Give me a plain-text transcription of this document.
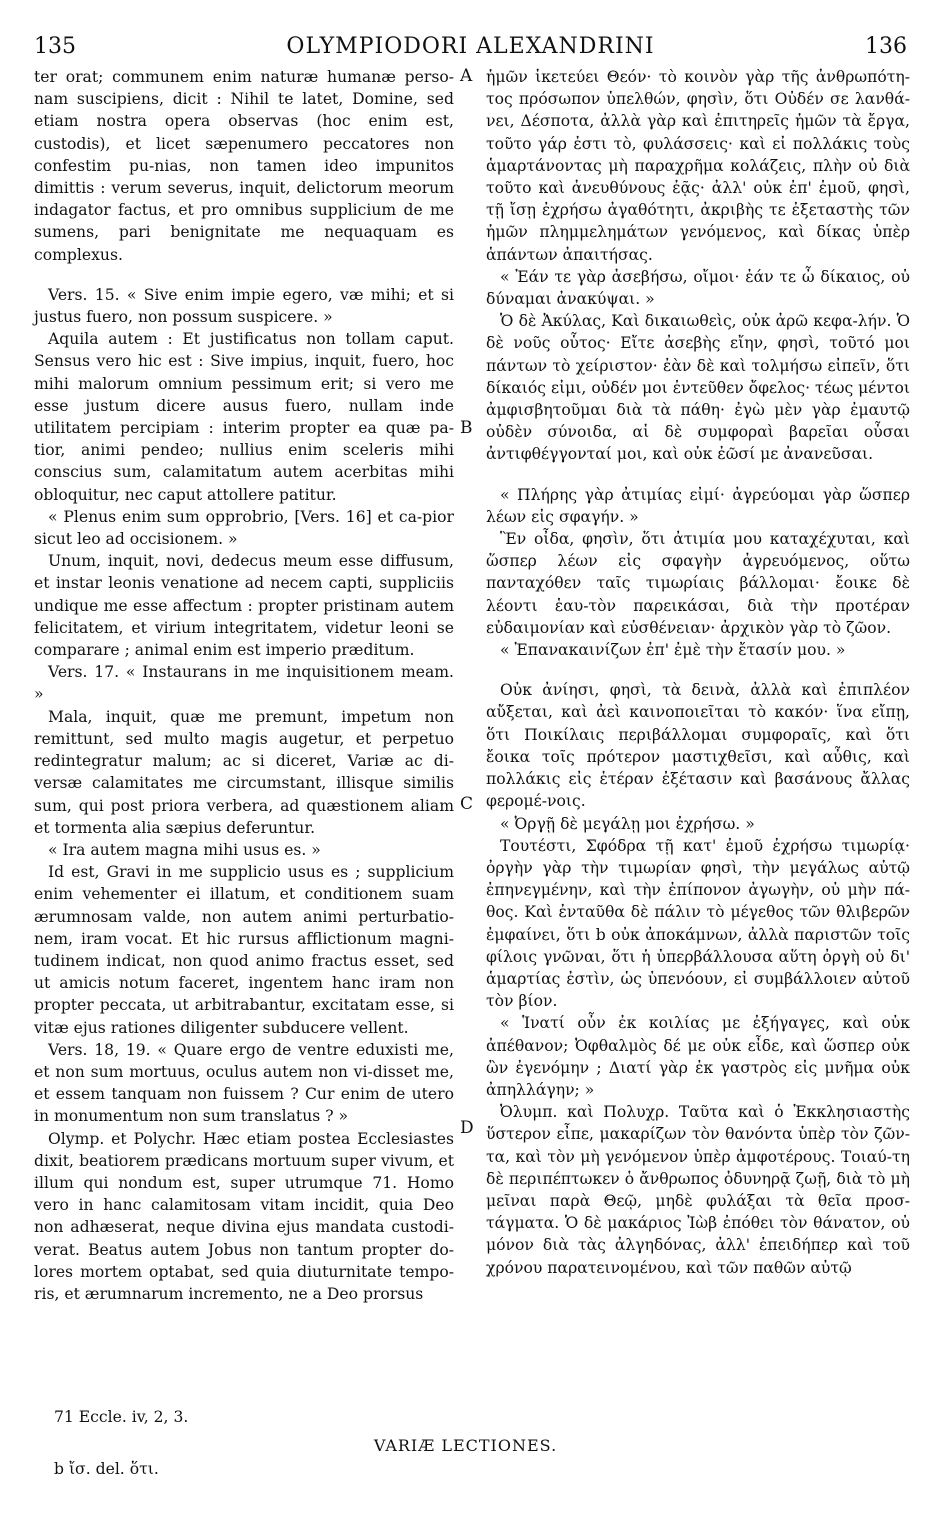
135	OLYMPIODORI ALEXANDRINI	136

ter orat; communem enim naturæ humanæ perso-nam suscipiens, dicit : Nihil te latet, Domine, sed etiam nostra opera observas (hoc enim est, custodis), et licet sæpenumero peccatores non confestim pu-nias, non tamen ideo impunitos dimittis : verum severus, inquit, delictorum meorum indagator factus, et pro omnibus supplicium de me sumens, pari benignitate me nequaquam es complexus.

Vers. 15. « Sive enim impie egero, væ mihi; et si justus fuero, non possum suspicere. »

Aquila autem : Et justificatus non tollam caput. Sensus vero hic est : Sive impius, inquit, fuero, hoc mihi malorum omnium pessimum erit; si vero me esse justum dicere ausus fuero, nullam inde utilitatem percipiam : interim propter ea quæ pa-tior, animi pendeo; nullius enim sceleris mihi conscius sum, calamitatum autem acerbitas mihi obloquitur, nec caput attollere patitur.

« Plenus enim sum opprobrio, [Vers. 16] et ca-pior sicut leo ad occisionem. »

Unum, inquit, novi, dedecus meum esse diffusum, et instar leonis venatione ad necem capti, suppliciis undique me esse affectum : propter pristinam autem felicitatem, et virium integritatem, videtur leoni se comparare ; animal enim est imperio præditum.

Vers. 17. « Instaurans in me inquisitionem meam. »

Mala, inquit, quæ me premunt, impetum non remittunt, sed multo magis augetur, et perpetuo redintegratur malum; ac si diceret, Variæ ac di-versæ calamitates me circumstant, illisque similis sum, qui post priora verbera, ad quæstionem aliam et tormenta alia sæpius deferuntur.

« Ira autem magna mihi usus es. »

Id est, Gravi in me supplicio usus es ; supplicium enim vehementer ei illatum, et conditionem suam ærumnosam valde, non autem animi perturbatio-nem, iram vocat. Et hic rursus afflictionum magni-tudinem indicat, non quod animo fractus esset, sed ut amicis notum faceret, ingentem hanc iram non propter peccata, ut arbitrabantur, excitatam esse, si vitæ ejus rationes diligenter subducere vellent.

Vers. 18, 19. « Quare ergo de ventre eduxisti me, et non sum mortuus, oculus autem non vi-disset me, et essem tanquam non fuissem ? Cur enim de utero in monumentum non sum translatus ? »

Olymp. et Polychr. Hæc etiam postea Ecclesiastes dixit, beatiorem prædicans mortuum super vivum, et illum qui nondum est, super utrumque 71. Homo vero in hanc calamitosam vitam incidit, quia Deo non adhæserat, neque divina ejus mandata custodi-verat. Beatus autem Jobus non tantum propter do-lores mortem optabat, sed quia diuturnitate tempo-ris, et ærumnarum incremento, ne a Deo prorsus

A
B
C
D

ἡμῶν ἱκετεύει Θεόν· τὸ κοινὸν γὰρ τῆς ἀνθρωπότη-τος πρόσωπον ὑπελθών, φησὶν, ὅτι Οὐδέν σε λανθά-νει, Δέσποτα, ἀλλὰ γὰρ καὶ ἐπιτηρεῖς ἡμῶν τὰ ἔργα, τοῦτο γάρ ἐστι τὸ, φυλάσσεις· καὶ εἰ πολλάκις τοὺς ἁμαρτάνοντας μὴ παραχρῆμα κολάζεις, πλὴν οὐ διὰ τοῦτο καὶ ἀνευθύνους ἐᾷς· ἀλλ' οὐκ ἐπ' ἐμοῦ, φησὶ, τῇ ἴσῃ ἐχρήσω ἀγαθότητι, ἀκριβὴς τε ἐξεταστὴς τῶν ἡμῶν πλημμελημάτων γενόμενος, καὶ δίκας ὑπὲρ ἁπάντων ἀπαιτήσας.

« Ἐάν τε γὰρ ἀσεβήσω, οἴμοι· ἐάν τε ὦ δίκαιος, οὐ δύναμαι ἀνακύψαι. »

Ὁ δὲ Ἀκύλας, Καὶ δικαιωθεὶς, οὐκ ἀρῶ κεφα-λήν. Ὁ δὲ νοῦς οὗτος· Εἴτε ἀσεβὴς εἴην, φησὶ, τοῦτό μοι πάντων τὸ χείριστον· ἐὰν δὲ καὶ τολμήσω εἰπεῖν, ὅτι δίκαιός εἰμι, οὐδέν μοι ἐντεῦθεν ὄφελος· τέως μέντοι ἀμφισβητοῦμαι διὰ τὰ πάθη· ἐγὼ μὲν γὰρ ἐμαυτῷ οὐδὲν σύνοιδα, αἱ δὲ συμφοραὶ βαρεῖαι οὖσαι ἀντιφθέγγονταί μοι, καὶ οὐκ ἐῶσί με ἀνανεῦσαι.

« Πλήρης γὰρ ἀτιμίας εἰμί· ἀγρεύομαι γὰρ ὥσπερ λέων εἰς σφαγήν. »

Ἓν οἶδα, φησὶν, ὅτι ἀτιμία μου καταχέχυται, καὶ ὥσπερ λέων εἰς σφαγὴν ἀγρευόμενος, οὕτω πανταχόθεν ταῖς τιμωρίαις βάλλομαι· ἔοικε δὲ λέοντι ἑαυ-τὸν παρεικάσαι, διὰ τὴν προτέραν εὐδαιμονίαν καὶ εὐσθένειαν· ἀρχικὸν γὰρ τὸ ζῶον.

« Ἐπανακαινίζων ἐπ' ἐμὲ τὴν ἔτασίν μου. »

Οὐκ ἀνίησι, φησὶ, τὰ δεινὰ, ἀλλὰ καὶ ἐπιπλέον αὔξεται, καὶ ἀεὶ καινοποιεῖται τὸ κακόν· ἵνα εἴπῃ, ὅτι Ποικίλαις περιβάλλομαι συμφοραῖς, καὶ ὅτι ἔοικα τοῖς πρότερον μαστιχθεῖσι, καὶ αὖθις, καὶ πολλάκις εἰς ἑτέραν ἐξέτασιν καὶ βασάνους ἄλλας φερομέ-νοις.

« Ὀργῇ δὲ μεγάλῃ μοι ἐχρήσω. »

Τουτέστι, Σφόδρα τῇ κατ' ἐμοῦ ἐχρήσω τιμωρίᾳ· ὀργὴν γὰρ τὴν τιμωρίαν φησὶ, τὴν μεγάλως αὐτῷ ἐπηνεγμένην, καὶ τὴν ἐπίπονον ἀγωγὴν, οὐ μὴν πά-θος. Καὶ ἐνταῦθα δὲ πάλιν τὸ μέγεθος τῶν θλιβερῶν ἐμφαίνει, ὅτι b οὐκ ἀποκάμνων, ἀλλὰ παριστῶν τοῖς φίλοις γνῶναι, ὅτι ἡ ὑπερβάλλουσα αὕτη ὀργὴ οὐ δι' ἁμαρτίας ἐστὶν, ὡς ὑπενόουν, εἰ συμβάλλοιεν αὐτοῦ τὸν βίον.

« Ἱνατί οὖν ἐκ κοιλίας με ἐξήγαγες, καὶ οὐκ ἀπέθανον; Ὀφθαλμὸς δέ με οὐκ εἶδε, καὶ ὥσπερ οὐκ ὢν ἐγενόμην ; Διατί γὰρ ἐκ γαστρὸς εἰς μνῆμα οὐκ ἀπηλλάγην; »

Ὀλυμπ. καὶ Πολυχρ. Ταῦτα καὶ ὁ Ἐκκλησιαστὴς ὕστερον εἶπε, μακαρίζων τὸν θανόντα ὑπὲρ τὸν ζῶν-τα, καὶ τὸν μὴ γενόμενον ὑπὲρ ἀμφοτέρους. Τοιαύ-τη δὲ περιπέπτωκεν ὁ ἄνθρωπος ὀδυνηρᾷ ζωῇ, διὰ τὸ μὴ μεῖναι παρὰ Θεῷ, μηδὲ φυλάξαι τὰ θεῖα προσ-τάγματα. Ὁ δὲ μακάριος Ἰὼβ ἐπόθει τὸν θάνατον, οὐ μόνον διὰ τὰς ἀλγηδόνας, ἀλλ' ἐπειδήπερ καὶ τοῦ χρόνου παρατεινομένου, καὶ τῶν παθῶν αὐτῷ

71 Eccle. iv, 2, 3.
VARIÆ LECTIONES.
b ἴσ. del. ὅτι.
